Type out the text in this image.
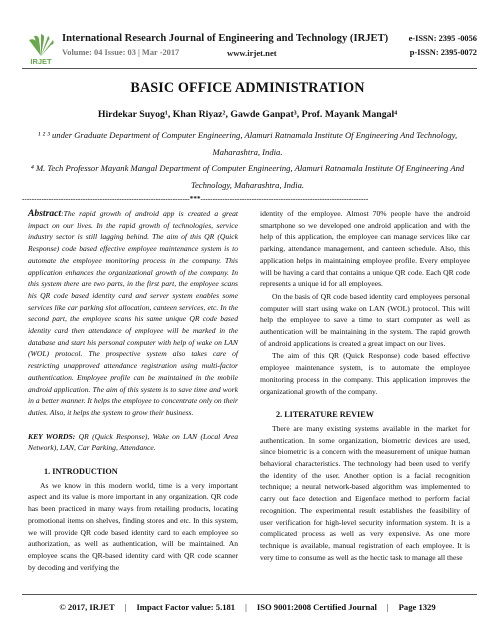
IRJET
International Research Journal of Engineering and Technology (IRJET)
Volume: 04 Issue: 03 | Mar -2017	www.irjet.net
e-ISSN: 2395 -0056
p-ISSN: 2395-0072
BASIC OFFICE ADMINISTRATION
Hirdekar Suyog¹, Khan Riyaz², Gawde Ganpat³, Prof. Mayank Mangal⁴
¹ ² ³ under Graduate Department of Computer Engineering, Alamuri Ratnamala Institute Of Engineering And Technology, Maharashtra, India.
⁴ M. Tech Professor Mayank Mangal Department of Computer Engineering, Alamuri Ratnamala Institute Of Engineering And Technology, Maharashtra, India.
---------------------------------------------------------------------***---------------------------------------------------------------------
Abstract:The rapid growth of android app is created a great impact on our lives. In the rapid growth of technologies, service industry sector is still lagging behind. The aim of this QR (Quick Response) code based effective employee maintenance system is to automate the employee monitoring process in the company. This application enhances the organizational growth of the company. In this system there are two parts, in the first part, the employee scans his QR code based identity card and server system enables some services like car parking slot allocation, canteen services, etc. In the second part, the employee scans his same unique QR code based identity card then attendance of employee will be marked in the database and start his personal computer with help of wake on LAN (WOL) protocol. The prospective system also takes care of restricting unapproved attendance registration using multi-factor authentication. Employee profile can be maintained in the mobile android application. The aim of this system is to save time and work in a better manner. It helps the employee to concentrate only on their duties. Also, it helps the system to grow their business.
KEY WORDS: QR (Quick Response), Wake on LAN (Local Area Network), LAN, Car Parking, Attendance.
1. INTRODUCTION
As we know in this modern world, time is a very important aspect and its value is more important in any organization. QR code has been practiced in many ways from retailing products, locating promotional items on shelves, finding stores and etc. In this system, we will provide QR code based identity card to each employee so authorization, as well as authentication, will be maintained. An employee scans the QR-based identity card with QR code scanner by decoding and verifying the
identity of the employee. Almost 70% people have the android smartphone so we developed one android application and with the help of this application, the employee can manage services like car parking, attendance management, and canteen schedule. Also, this application helps in maintaining employee profile. Every employee will be having a card that contains a unique QR code. Each QR code represents a unique id for all employees.
On the basis of QR code based identity card employees personal computer will start using wake on LAN (WOL) protocol. This will help the employee to save a time to start computer as well as authentication will be maintaining in the system. The rapid growth of android applications is created a great impact on our lives.
The aim of this QR (Quick Response) code based effective employee maintenance system, is to automate the employee monitoring process in the company. This application improves the organizational growth of the company.
2. LITERATURE REVIEW
There are many existing systems available in the market for authentication. In some organization, biometric devices are used, since biometric is a concern with the measurement of unique human behavioral characteristics. The technology had been used to verify the identity of the user. Another option is a facial recognition technique; a neural network-based algorithm was implemented to carry out face detection and Eigenface method to perform facial recognition. The experimental result establishes the feasibility of user verification for high-level security information system. It is a complicated process as well as very expensive. As one more technique is available, manual registration of each employee. It is very time to consume as well as the hectic task to manage all these
© 2017, IRJET | Impact Factor value: 5.181 | ISO 9001:2008 Certified Journal | Page 1329
